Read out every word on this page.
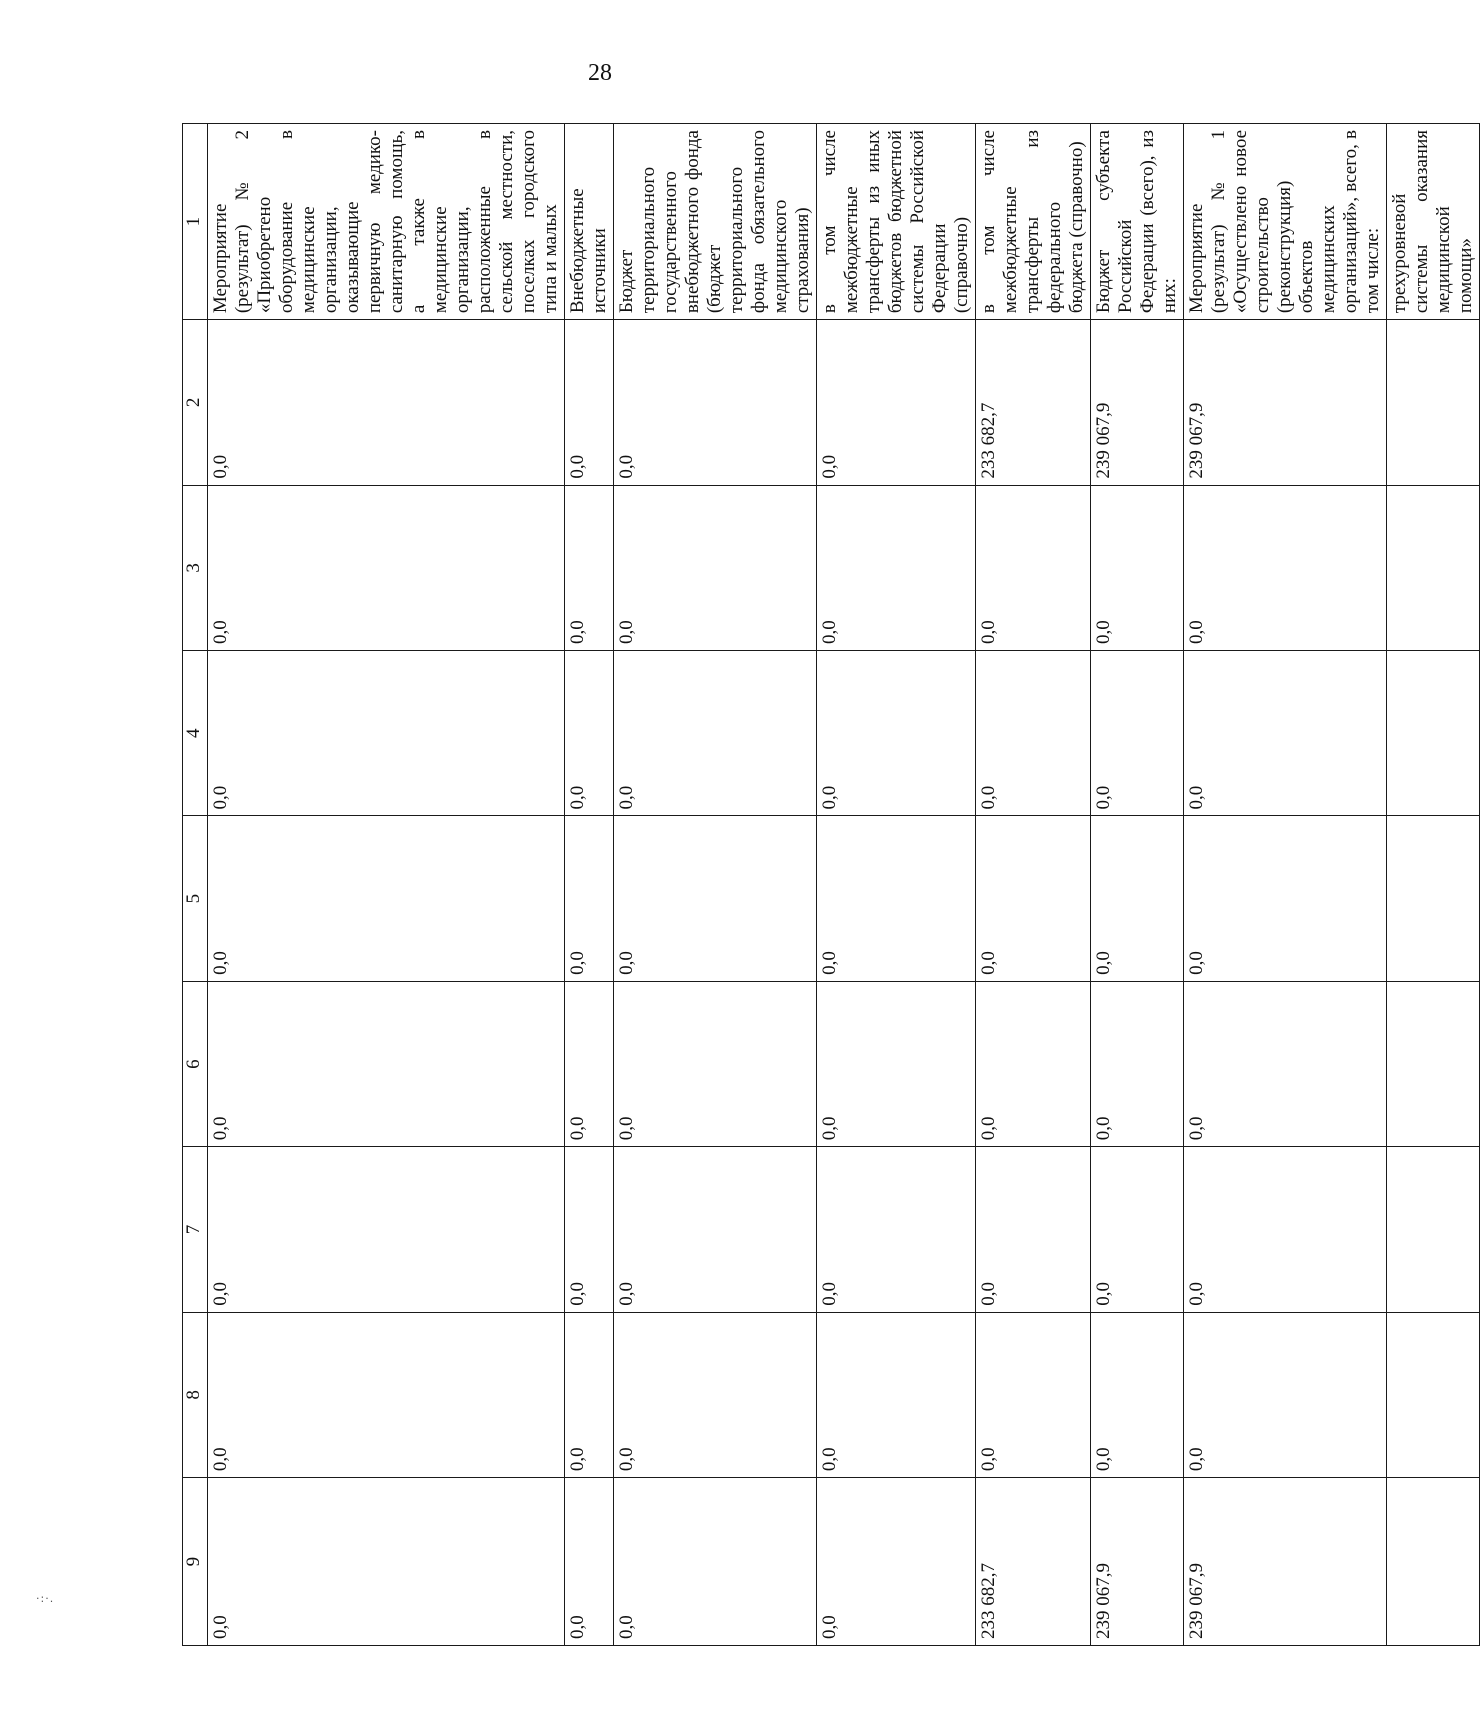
28
·:·.
9	8	7	6	5	4	3	2	1
0,0	0,0	0,0	0,0	0,0	0,0	0,0	0,0	Мероприятие (результат) № 2 «Приобретено оборудование в медицинские организации, оказывающие первичную медико-санитарную помощь, а также в медицинские организации, расположенные в сельской местности, поселках городского типа и малых
0,0	0,0	0,0	0,0	0,0	0,0	0,0	0,0	Внебюджетные источники
0,0	0,0	0,0	0,0	0,0	0,0	0,0	0,0	Бюджет территориального государственного внебюджетного фонда (бюджет территориального фонда обязательного медицинского страхования)
0,0	0,0	0,0	0,0	0,0	0,0	0,0	0,0	в том числе межбюджетные трансферты из иных бюджетов бюджетной системы Российской Федерации (справочно)
233 682,7	0,0	0,0	0,0	0,0	0,0	0,0	233 682,7	в том числе межбюджетные трансферты из федерального бюджета (справочно)
239 067,9	0,0	0,0	0,0	0,0	0,0	0,0	239 067,9	Бюджет субъекта Российской Федерации (всего), из них:
239 067,9	0,0	0,0	0,0	0,0	0,0	0,0	239 067,9	Мероприятие (результат) № 1 «Осуществлено новое строительство (реконструкция) объектов медицинских организаций», всего, в том числе:
								трехуровневой системы оказания медицинской помощи»
